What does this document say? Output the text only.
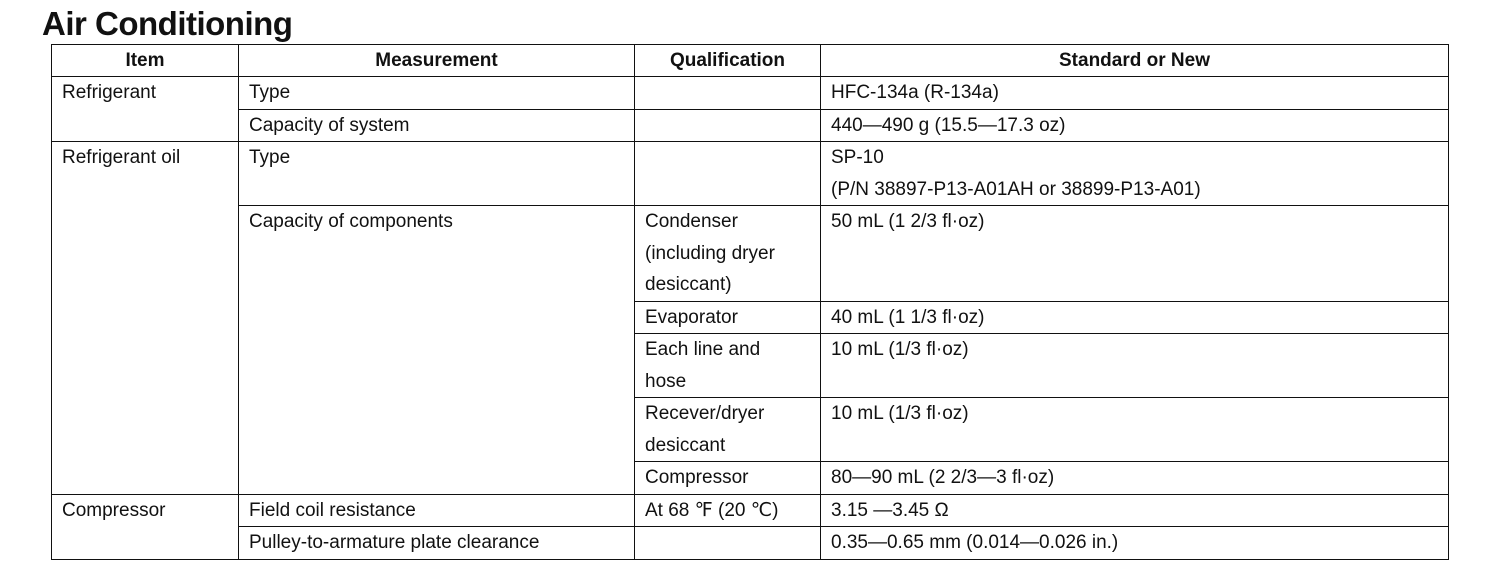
Air Conditioning
Item	Measurement	Qualification	Standard or New
Refrigerant	Type		HFC-134a (R-134a)
	Capacity of system		440—490 g (15.5—17.3 oz)
Refrigerant oil	Type		SP-10
(P/N 38897-P13-A01AH or 38899-P13-A01)

	Capacity of components	Condenser
(including dryer
desiccant)	50 mL (1 2/3 fl·oz)
		Evaporator	40 mL (1 1/3 fl·oz)

		Each line and
hose	10 mL (1/3 fl·oz)

		Recever/dryer
desiccant	10 mL (1/3 fl·oz)
		Compressor	80—90 mL (2 2/3—3 fl·oz)
Compressor	Field coil resistance	At 68 ℉ (20 ℃)	3.15 —3.45 Ω
	Pulley-to-armature plate clearance		0.35—0.65 mm (0.014—0.026 in.)
